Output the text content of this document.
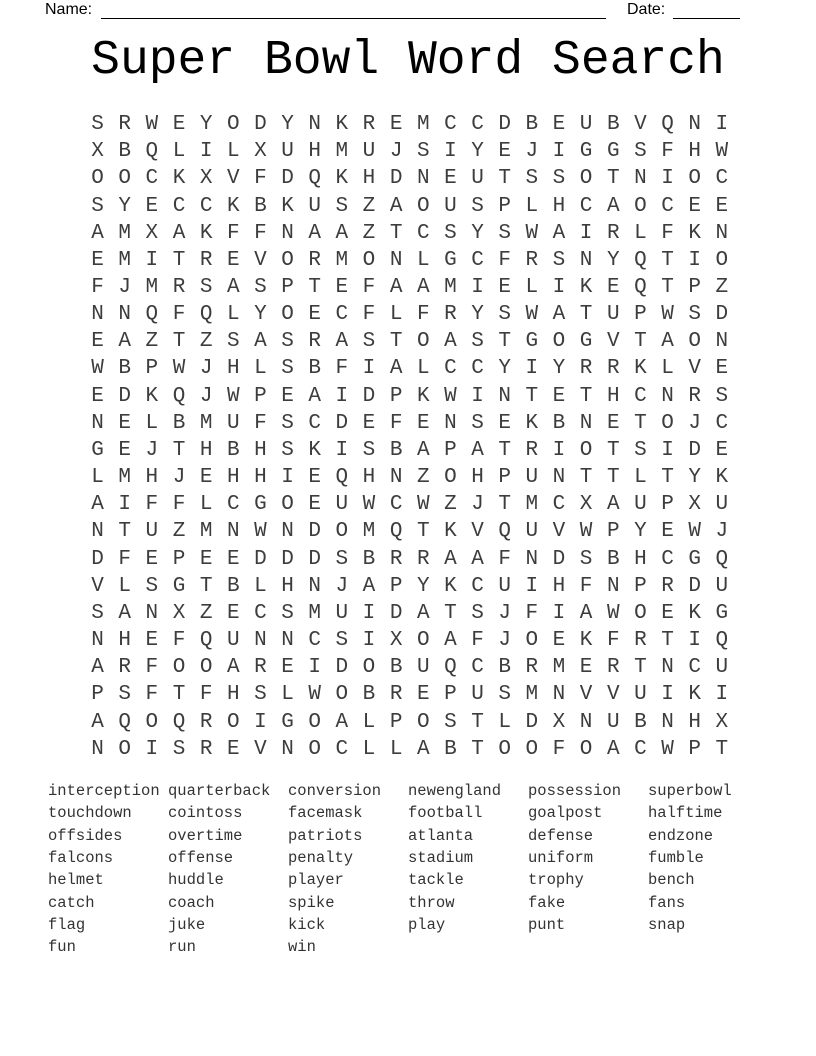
Name:	Date:
Super Bowl Word Search
S R W E Y O D Y N K R E M C C D B E U B V Q N I
X B Q L I L X U H M U J S I Y E J I G G S F H W
O O C K X V F D Q K H D N E U T S S O T N I O C
S Y E C C K B K U S Z A O U S P L H C A O C E E
A M X A K F F N A A Z T C S Y S W A I R L F K N
E M I T R E V O R M O N L G C F R S N Y Q T I O
F J M R S A S P T E F A A M I E L I K E Q T P Z
N N Q F Q L Y O E C F L F R Y S W A T U P W S D
E A Z T Z S A S R A S T O A S T G O G V T A O N
W B P W J H L S B F I A L C C Y I Y R R K L V E
E D K Q J W P E A I D P K W I N T E T H C N R S
N E L B M U F S C D E F E N S E K B N E T O J C
G E J T H B H S K I S B A P A T R I O T S I D E
L M H J E H H I E Q H N Z O H P U N T T L T Y K
A I F F L C G O E U W C W Z J T M C X A U P X U
N T U Z M N W N D O M Q T K V Q U V W P Y E W J
D F E P E E D D D S B R R A A F N D S B H C G Q
V L S G T B L H N J A P Y K C U I H F N P R D U
S A N X Z E C S M U I D A T S J F I A W O E K G
N H E F Q U N N C S I X O A F J O E K F R T I Q
A R F O O A R E I D O B U Q C B R M E R T N C U
P S F T F H S L W O B R E P U S M N V V U I K I
A Q O Q R O I G O A L P O S T L D X N U B N H X
N O I S R E V N O C L L A B T O O F O A C W P T
interception
touchdown
offsides
falcons
helmet
catch
flag
fun
quarterback
cointoss
overtime
offense
huddle
coach
juke
run
conversion
facemask
patriots
penalty
player
spike
kick
win
newengland
football
atlanta
stadium
tackle
throw
play
possession
goalpost
defense
uniform
trophy
fake
punt
superbowl
halftime
endzone
fumble
bench
fans
snap
